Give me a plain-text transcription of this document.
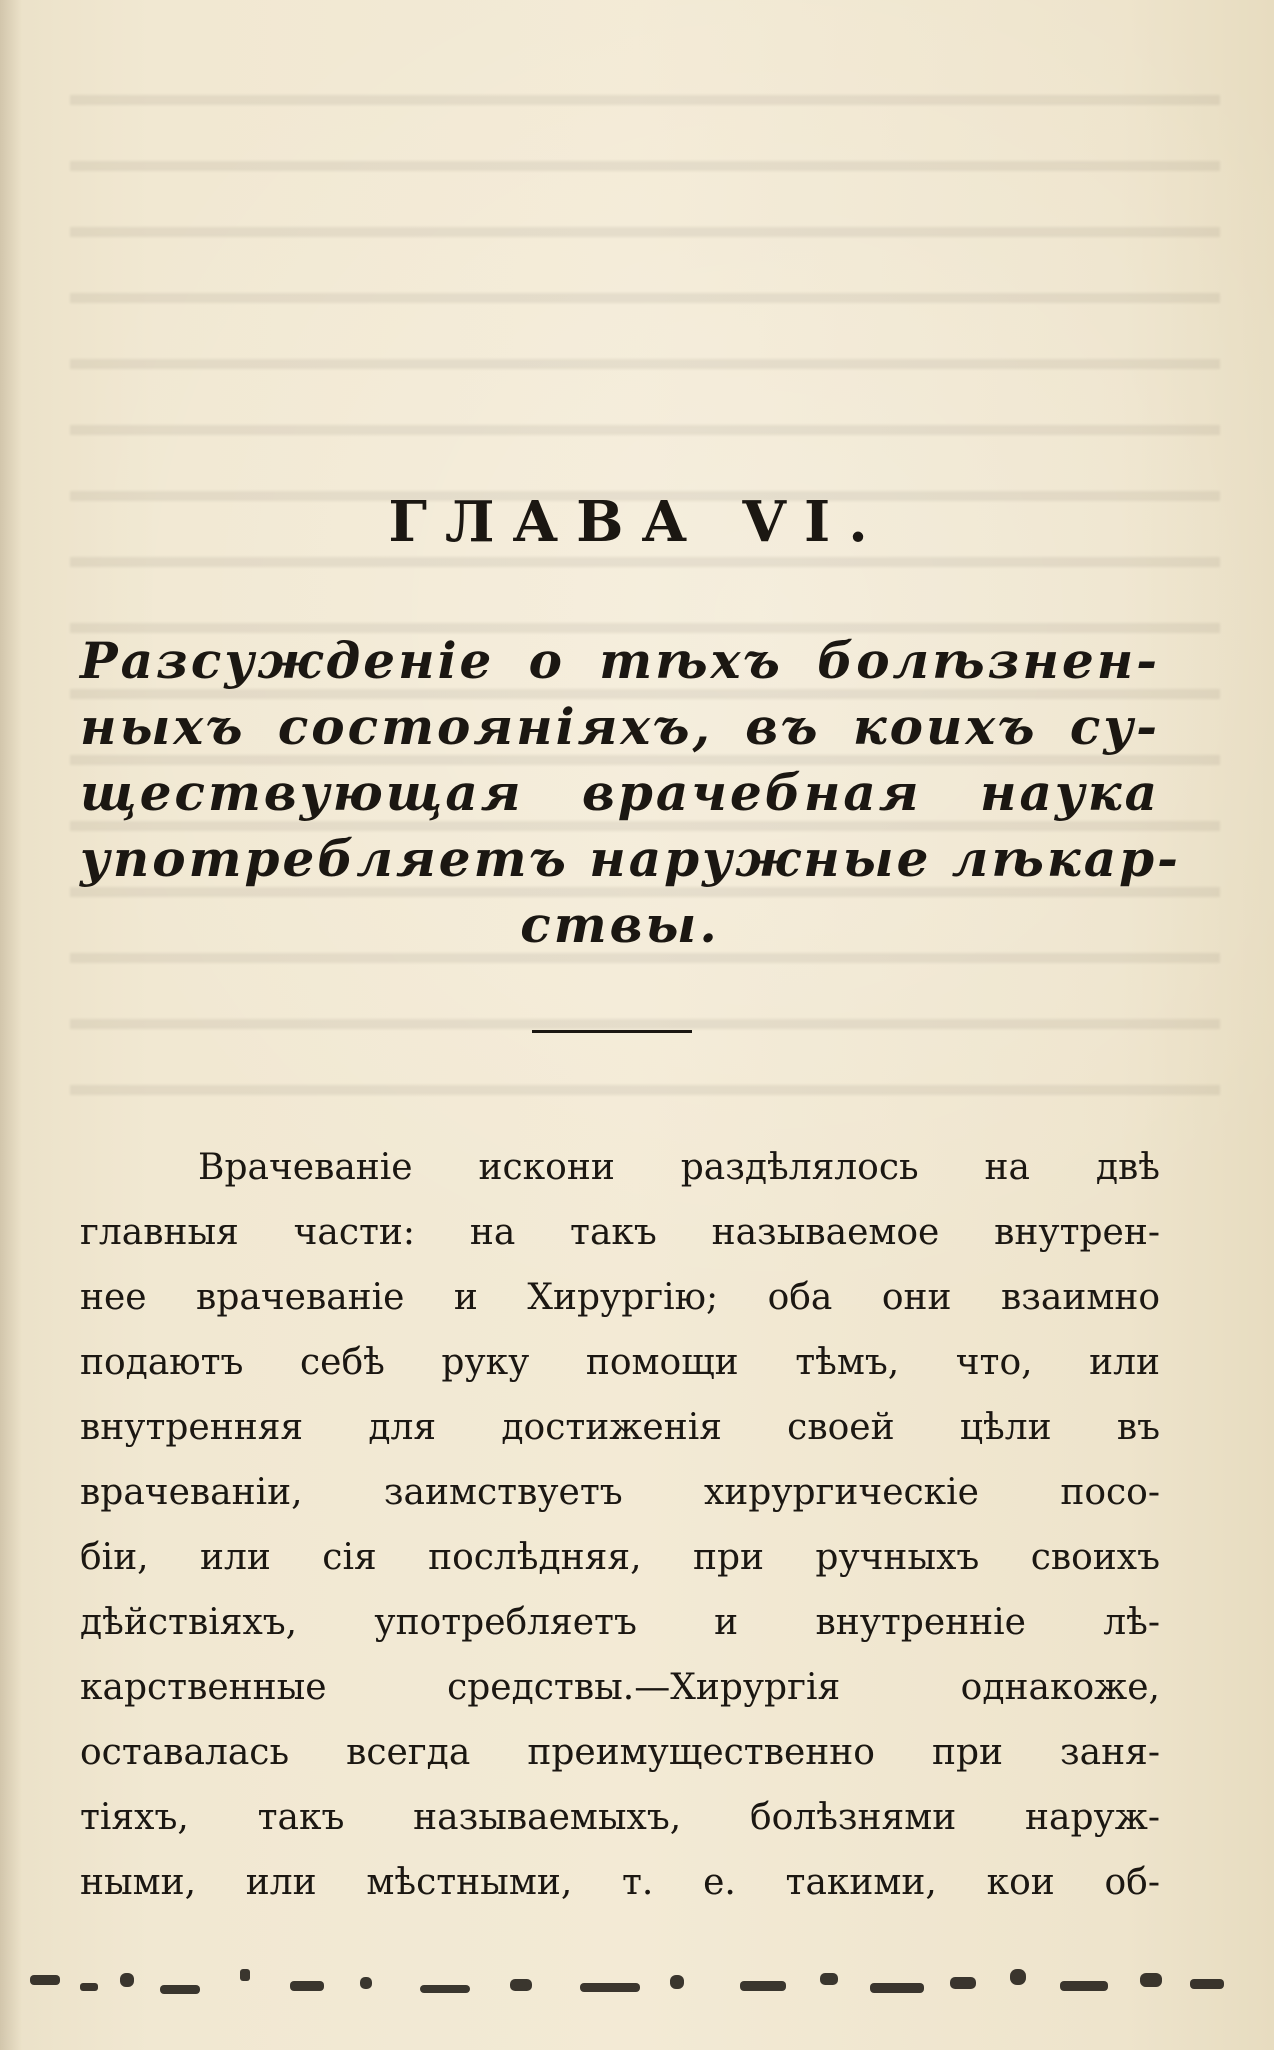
ГЛАВА VI.
Разсужденіе о тѣхъ болѣзнен-
ныхъ состояніяхъ, въ коихъ су-
ществующая врачебная наука
употребляетъ наружные лѣкар-
ствы.
Врачеваніе искони раздѣлялось на двѣ
главныя части: на такъ называемое внутрен-
нее врачеваніе и Хирургію; оба они взаимно
подаютъ себѣ руку помощи тѣмъ, что, или
внутренняя для достиженія своей цѣли въ
врачеваніи, заимствуетъ хирургическіе посо-
біи, или сія послѣдняя, при ручныхъ своихъ
дѣйствіяхъ, употребляетъ и внутренніе лѣ-
карственные средствы.—Хирургія однакоже,
оставалась всегда преимущественно при заня-
тіяхъ, такъ называемыхъ, болѣзнями наруж-
ными, или мѣстными, т. е. такими, кои об-
